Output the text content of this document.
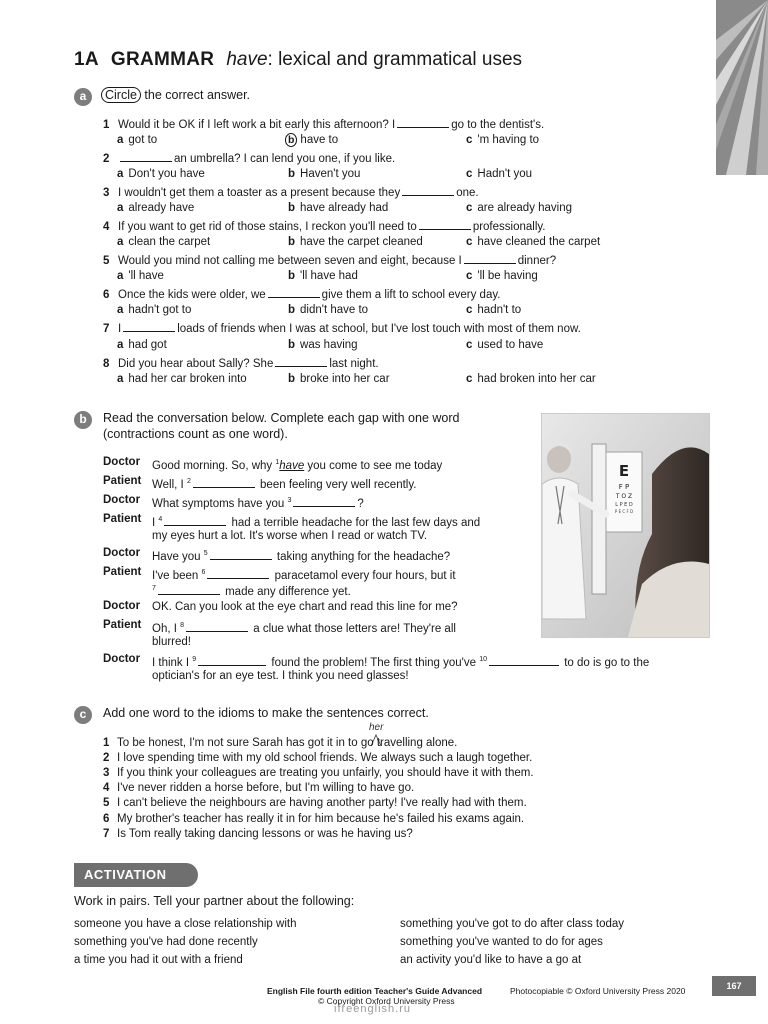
1A GRAMMAR have: lexical and grammatical uses
a	Circle the correct answer.
1 Would it be OK if I left work a bit early this afternoon? I	go to the dentist's.
a got to	b have to	c 'm having to
2	an umbrella? I can lend you one, if you like.
a Don't you have	b Haven't you	c Hadn't you
3 I wouldn't get them a toaster as a present because they	one.
a already have	b have already had	c are already having
4 If you want to get rid of those stains, I reckon you'll need to	professionally.
a clean the carpet	b have the carpet cleaned	c have cleaned the carpet
5 Would you mind not calling me between seven and eight, because I	dinner?
a 'll have	b 'll have had	c 'll be having
6 Once the kids were older, we	give them a lift to school every day.
a hadn't got to	b didn't have to	c hadn't to
7 I	loads of friends when I was at school, but I've lost touch with most of them now.
a had got	b was having	c used to have
8 Did you hear about Sally? She	last night.
a had her car broken into	b broke into her car	c had broken into her car
b	Read the conversation below. Complete each gap with one word
(contractions count as one word).
Doctor Good morning. So, why $^1$have you come to see me today
Patient Well, I $^2$	been feeling very well recently.
Doctor What symptoms have you $^3$	?
Patient I $^4$	had a terrible headache for the last few days and
my eyes hurt a lot. It's worse when I read or watch TV.
Doctor Have you $^5$	taking anything for the headache?
Patient I've been $^6$	paracetamol every four hours, but it
$^7$	made any difference yet.
Doctor OK. Can you look at the eye chart and read this line for me?
Patient Oh, I $^8$	a clue what those letters are! They're all
blurred!
Doctor I think I $^9$	found the problem! The first thing you've $^{10}$	to do is go to the
optician's for an eye test. I think you need glasses!
E
F P
T O Z
L P E D
P E C F D
c	Add one word to the idioms to make the sentences correct.
her
1 To be honest, I'm not sure Sarah has got it in to go travelling alone.
2 I love spending time with my old school friends. We always such a laugh together.
3 If you think your colleagues are treating you unfairly, you should have it with them.
4 I've never ridden a horse before, but I'm willing to have go.
5 I can't believe the neighbours are having another party! I've really had with them.
6 My brother's teacher has really it in for him because he's failed his exams again.
7 Is Tom really taking dancing lessons or was he having us?
ACTIVATION
Work in pairs. Tell your partner about the following:
someone you have a close relationship with
something you've had done recently
a time you had it out with a friend
something you've got to do after class today
something you've wanted to do for ages
an activity you'd like to have a go at
English File fourth edition Teacher's Guide Advanced	Photocopiable © Oxford University Press 2020
© Copyright Oxford University Press
ifreenglish.ru
167
